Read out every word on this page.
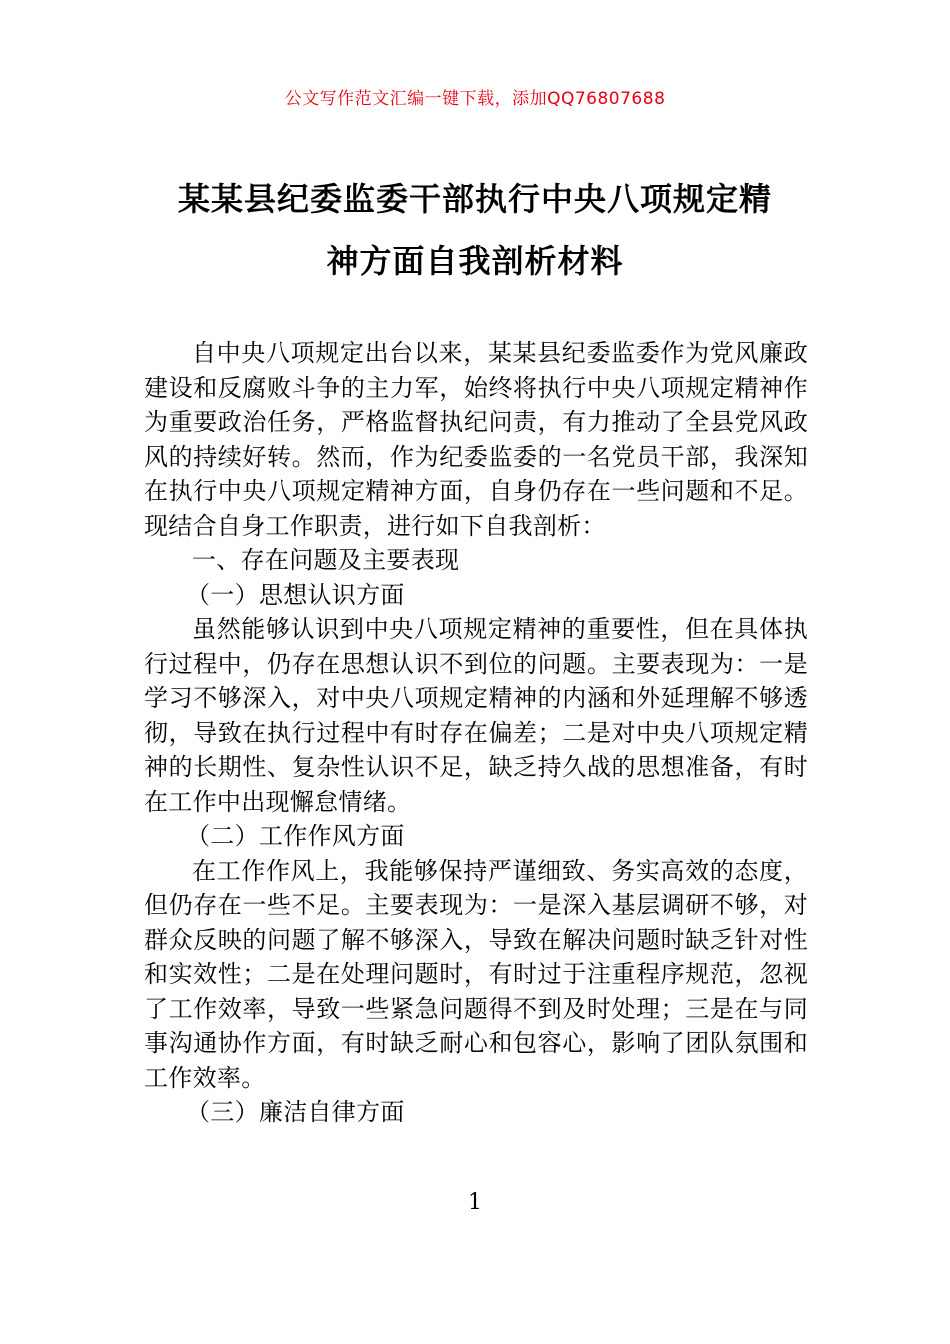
公文写作范文汇编一键下载，添加QQ76807688
某某县纪委监委干部执行中央八项规定精
神方面自我剖析材料

自中央八项规定出台以来，某某县纪委监委作为党风廉政建设和反腐败斗争的主力军，始终将执行中央八项规定精神作为重要政治任务，严格监督执纪问责，有力推动了全县党风政风的持续好转。然而，作为纪委监委的一名党员干部，我深知在执行中央八项规定精神方面，自身仍存在一些问题和不足。现结合自身工作职责，进行如下自我剖析：

一、存在问题及主要表现

（一）思想认识方面

虽然能够认识到中央八项规定精神的重要性，但在具体执行过程中，仍存在思想认识不到位的问题。主要表现为：一是学习不够深入，对中央八项规定精神的内涵和外延理解不够透彻，导致在执行过程中有时存在偏差；二是对中央八项规定精神的长期性、复杂性认识不足，缺乏持久战的思想准备，有时在工作中出现懈怠情绪。

（二）工作作风方面

在工作作风上，我能够保持严谨细致、务实高效的态度，但仍存在一些不足。主要表现为：一是深入基层调研不够，对群众反映的问题了解不够深入，导致在解决问题时缺乏针对性和实效性；二是在处理问题时，有时过于注重程序规范，忽视了工作效率，导致一些紧急问题得不到及时处理；三是在与同事沟通协作方面，有时缺乏耐心和包容心，影响了团队氛围和工作效率。

（三）廉洁自律方面

1
